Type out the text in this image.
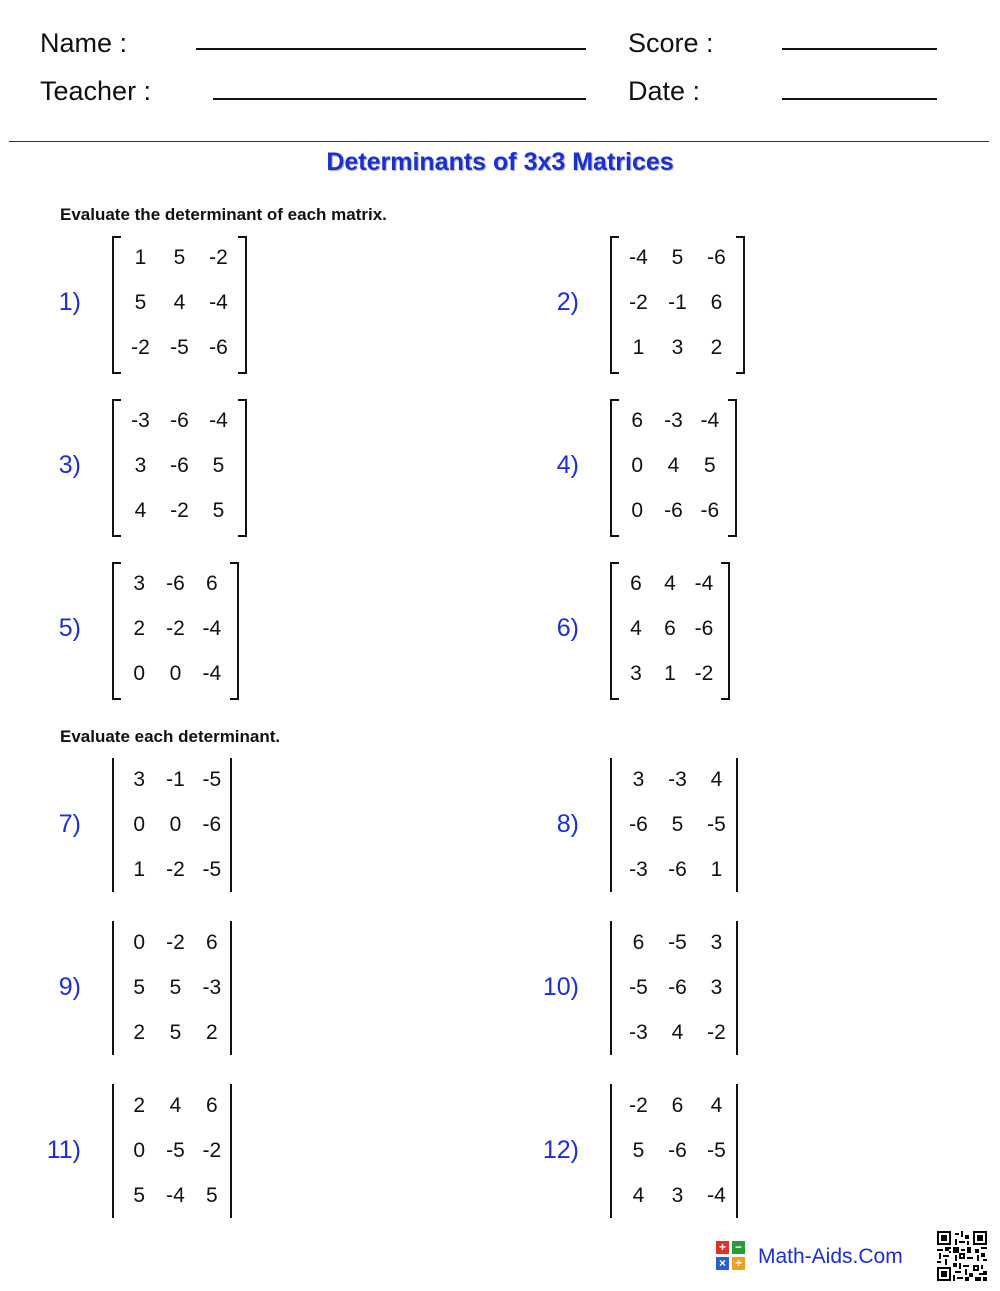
Name :
Teacher :
Score :
Date :
Determinants of 3x3 Matrices
Evaluate the determinant of each matrix.
Evaluate each determinant.
1)
1	5	-2
5	4	-4
-2 -5 -6
2)
-4	5	-6
-2 -1	6
1	3	2
3)
-3 -6 -4
3	-6	5
4	-2	5
4)
6	-3 -4
0	4	5
0	-6 -6
5)
3	-6	6
2	-2 -4
0	0	-4
6)
6	4 -4
4	6 -6
3	1 -2
7)
3	-1 -5
0	0	-6
1	-2 -5
8)
3	-3	4
-6	5	-5
-3 -6	1
9)
0	-2	6
5	5	-3
2	5	2
10)
6	-5	3
-5 -6	3
-3	4	-2
11)
2	4	6
0	-5 -2
5	-4	5
12)
-2	6	4
5	-6 -5
4	3	-4
+ −
× ÷ Math-Aids.Com
